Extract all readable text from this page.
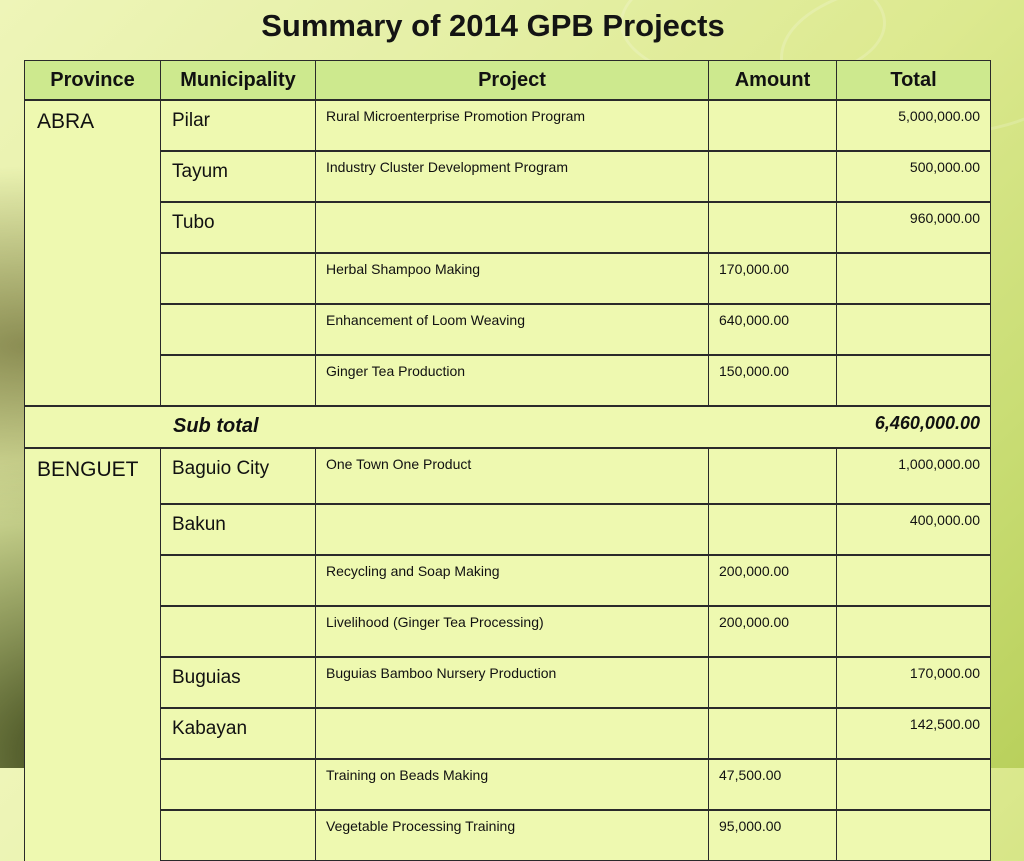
Summary of 2014 GPB Projects
Province	Municipality	Project	Amount	Total
ABRA	Pilar	Rural Microenterprise Promotion Program		5,000,000.00
	Tayum	Industry Cluster Development Program		500,000.00
	Tubo			960,000.00
		Herbal Shampoo Making	170,000.00	
		Enhancement of Loom Weaving	640,000.00	
		Ginger Tea Production	150,000.00	
Sub total 6,460,000.00				

BENGUET	Baguio City	One Town One Product		1,000,000.00
	Bakun			400,000.00
		Recycling and Soap Making	200,000.00	
		Livelihood (Ginger Tea Processing)	200,000.00	
	Buguias	Buguias Bamboo Nursery Production		170,000.00
	Kabayan			142,500.00
		Training on Beads Making	47,500.00	
		Vegetable Processing Training	95,000.00	
